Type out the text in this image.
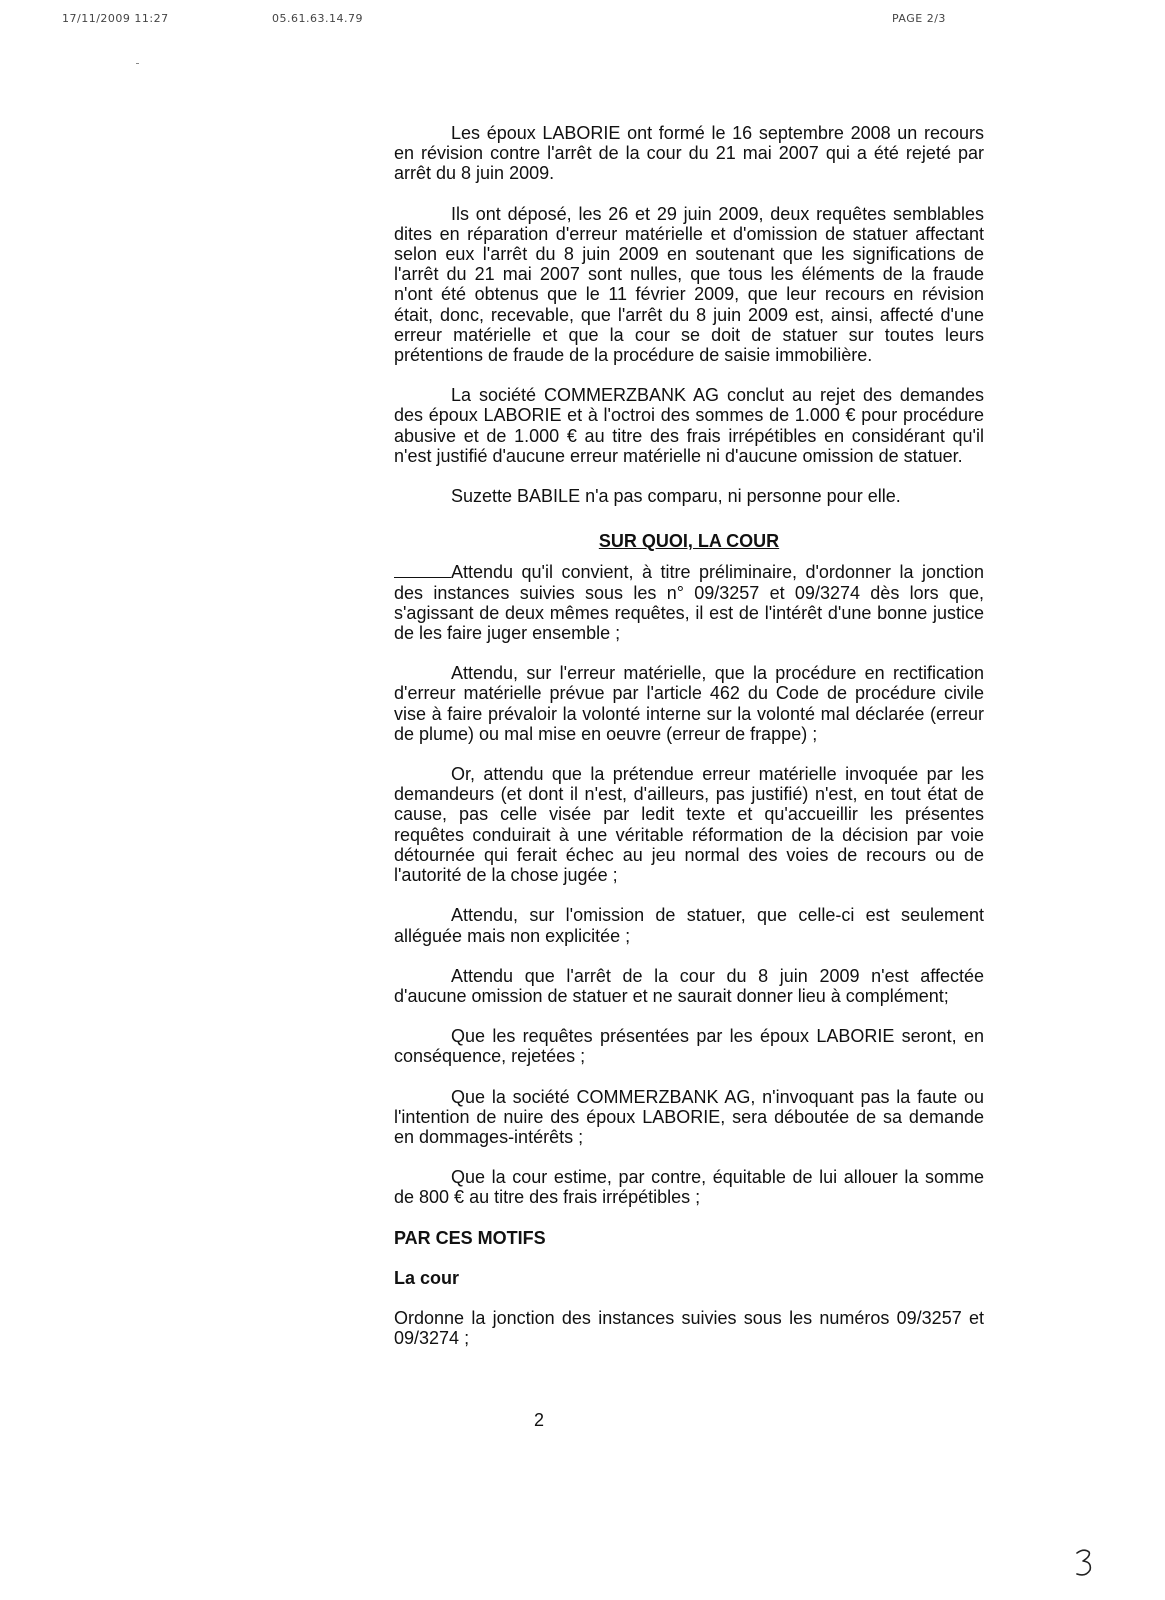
17/11/2009 11:27	05.61.63.14.79	PAGE 2/3

Les époux LABORIE ont formé le 16 septembre 2008 un recours en révision contre l'arrêt de la cour du 21 mai 2007 qui a été rejeté par arrêt du 8 juin 2009.

Ils ont déposé, les 26 et 29 juin 2009, deux requêtes semblables dites en réparation d'erreur matérielle et d'omission de statuer affectant selon eux l'arrêt du 8 juin 2009 en soutenant que les significations de l'arrêt du 21 mai 2007 sont nulles, que tous les éléments de la fraude n'ont été obtenus que le 11 février 2009, que leur recours en révision était, donc, recevable, que l'arrêt du 8 juin 2009 est, ainsi, affecté d'une erreur matérielle et que la cour se doit de statuer sur toutes leurs prétentions de fraude de la procédure de saisie immobilière.

La société COMMERZBANK AG conclut au rejet des demandes des époux LABORIE et à l'octroi des sommes de 1.000 € pour procédure abusive et de 1.000 € au titre des frais irrépétibles en considérant qu'il n'est justifié d'aucune erreur matérielle ni d'aucune omission de statuer.

Suzette BABILE n'a pas comparu, ni personne pour elle.

SUR QUOI, LA COUR

Attendu qu'il convient, à titre préliminaire, d'ordonner la jonction des instances suivies sous les n° 09/3257 et 09/3274 dès lors que, s'agissant de deux mêmes requêtes, il est de l'intérêt d'une bonne justice de les faire juger ensemble ;

Attendu, sur l'erreur matérielle, que la procédure en rectification d'erreur matérielle prévue par l'article 462 du Code de procédure civile vise à faire prévaloir la volonté interne sur la volonté mal déclarée (erreur de plume) ou mal mise en oeuvre (erreur de frappe) ;

Or, attendu que la prétendue erreur matérielle invoquée par les demandeurs (et dont il n'est, d'ailleurs, pas justifié) n'est, en tout état de cause, pas celle visée par ledit texte et qu'accueillir les présentes requêtes conduirait à une véritable réformation de la décision par voie détournée qui ferait échec au jeu normal des voies de recours ou de l'autorité de la chose jugée ;

Attendu, sur l'omission de statuer, que celle-ci est seulement alléguée mais non explicitée ;

Attendu que l'arrêt de la cour du 8 juin 2009 n'est affectée d'aucune omission de statuer et ne saurait donner lieu à complément;

Que les requêtes présentées par les époux LABORIE seront, en conséquence, rejetées ;

Que la société COMMERZBANK AG, n'invoquant pas la faute ou l'intention de nuire des époux LABORIE, sera déboutée de sa demande en dommages-intérêts ;

Que la cour estime, par contre, équitable de lui allouer la somme de 800 € au titre des frais irrépétibles ;

PAR CES MOTIFS
La cour

Ordonne la jonction des instances suivies sous les numéros 09/3257 et 09/3274 ;

2
